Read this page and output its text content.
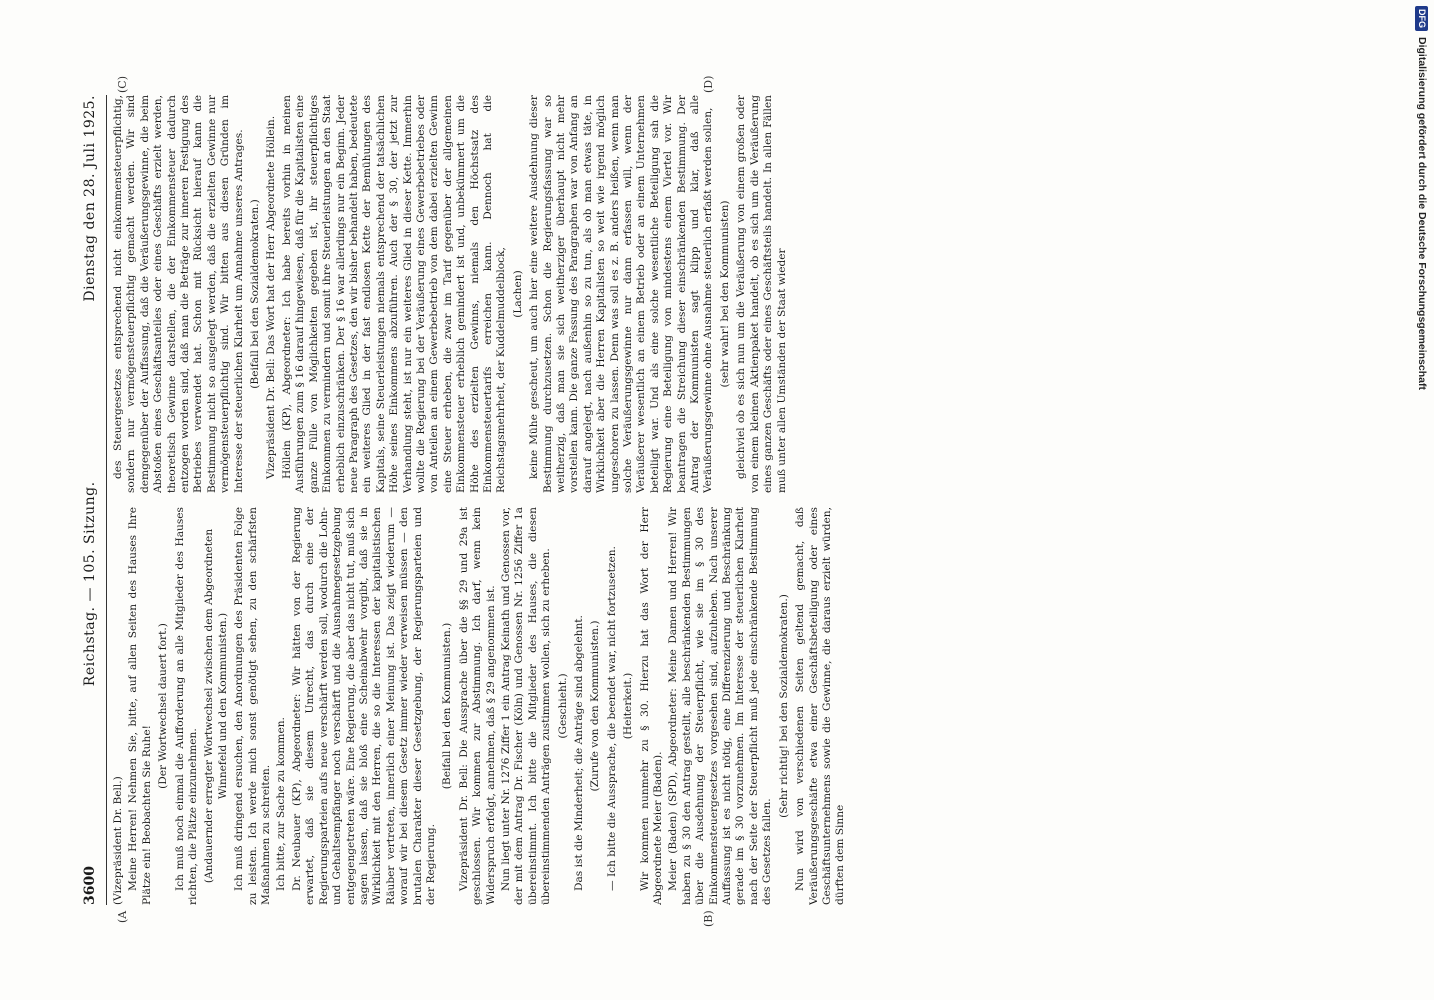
3600
Reichstag. — 105. Sitzung.
Dienstag den 28. Juli 1925.

(Vizepräsident Dr. Bell.) Meine Herren! Nehmen Sie, bitte, auf allen Seiten des Hauses Ihre Plätze ein! Beobachten Sie Ruhe!

(Der Wortwechsel dauert fort.) Ich muß noch einmal die Aufforderung an alle Mitglieder des Hauses richten, die Plätze einzunehmen. (Andauernder erregter Wortwechsel zwischen dem Abgeordneten Winnefeld und den Kommunisten.) Ich muß dringend ersuchen, den Anordnungen des Präsidenten Folge zu leisten. Ich werde mich sonst genötigt sehen, zu den schärfsten Maßnahmen zu schreiten. Ich bitte, zur Sache zu kommen. Dr. Neubauer (KP), Abgeordneter: Wir hätten von der Regierung erwartet, daß sie diesem Unrecht, das durch eine der Regierungsparteien aufs neue verschärft werden soll, wodurch die Lohn- und Gehaltsempfänger noch verschärft und die Ausnahmegesetzgebung entgegengetreten wäre. Eine Regierung, die aber das nicht tut, muß sich sagen lassen, daß sie bloß eine Scheinabwehr vorgibt, daß sie in Wirklichkeit mit den Herren, die so die Interessen der kapitalistischen Räuber vertreten, innerlich einer Meinung ist. Das zeigt wiederum — worauf wir bei diesem Gesetz immer wieder verweisen müssen — den brutalen Charakter dieser Gesetzgebung, der Regierungsparteien und der Regierung.

(Beifall bei den Kommunisten.) Vizepräsident Dr. Bell: Die Aussprache über die §§ 29 und 29a ist geschlossen. Wir kommen zur Abstimmung. Ich darf, wenn kein Widerspruch erfolgt, annehmen, daß § 29 angenommen ist. Nun liegt unter Nr. 1276 Ziffer 1 ein Antrag Keinath und Genossen vor, der mit dem Antrag Dr. Fischer (Köln) und Genossen Nr. 1256 Ziffer 1a übereinstimmt. Ich bitte die Mitglieder des Hauses, die diesen übereinstimmenden Anträgen zustimmen wollen, sich zu erheben. (Geschieht.) Das ist die Minderheit; die Anträge sind abgelehnt. (Zurufe von den Kommunisten.) — Ich bitte die Aussprache, die beendet war, nicht fortzusetzen. (Heiterkeit.) Wir kommen nunmehr zu § 30. Hierzu hat das Wort der Herr Abgeordnete Meier (Baden). Meier (Baden) (SPD), Abgeordneter: Meine Damen und Herren! Wir haben zu § 30 den Antrag gestellt, alle beschränkenden Bestimmungen über die Ausdehnung der Steuerpflicht, wie sie im § 30 des Einkommensteuergesetzes vorgesehen sind, aufzuheben. Nach unserer Auffassung ist es nicht nötig, eine Differenzierung und Beschränkung gerade im § 30 vorzunehmen. Im Interesse der steuerlichen Klarheit nach der Seite der Steuerpflicht muß jede einschränkende Bestimmung des Gesetzes fallen.

(Sehr richtig! bei den Sozialdemokraten.) Nun wird von verschiedenen Seiten geltend gemacht, daß Veräußerungsgeschäfte etwa einer Geschäftsbeteiligung oder eines Geschäftsunternehmens sowie die Gewinne, die daraus erzielt würden, dürften dem Sinne

des Steuergesetzes entsprechend nicht einkommensteuerpflichtig, sondern nur vermögensteuerpflichtig gemacht werden. Wir sind demgegenüber der Auffassung, daß die Veräußerungsgewinne, die beim Abstoßen eines Geschäftsanteiles oder eines Geschäfts erzielt werden, theoretisch Gewinne darstellen, die der Einkommensteuer dadurch entzogen worden sind, daß man die Beträge zur inneren Festigung des Betriebes verwendet hat. Schon mit Rücksicht hierauf kann die Bestimmung nicht so ausgelegt werden, daß die erzielten Gewinne nur vermögensteuerpflichtig sind. Wir bitten aus diesen Gründen im Interesse der steuerlichen Klarheit um Annahme unseres Antrages. (Beifall bei den Sozialdemokraten.) Vizepräsident Dr. Bell: Das Wort hat der Herr Abgeordnete Höllein. Höllein (KP), Abgeordneter: Ich habe bereits vorhin in meinen Ausführungen zum § 16 darauf hingewiesen, daß für die Kapitalisten eine ganze Fülle von Möglichkeiten gegeben ist, ihr steuerpflichtiges Einkommen zu vermindern und somit ihre Steuerleistungen an den Staat erheblich einzuschränken. Der § 16 war allerdings nur ein Beginn. Jeder neue Paragraph des Gesetzes, den wir bisher behandelt haben, bedeutete ein weiteres Glied in der fast endlosen Kette der Bemühungen des Kapitals, seine Steuerleistungen niemals entsprechend der tatsächlichen Höhe seines Einkommens abzuführen. Auch der § 30, der jetzt zur Verhandlung steht, ist nur ein weiteres Glied in dieser Kette. Immerhin wollte die Regierung bei der Veräußerung eines Gewerbebetriebes oder von Anteilen an einem Gewerbebetrieb von dem dabei erzielten Gewinn eine Steuer erheben, die zwar im Tarif gegenüber der allgemeinen Einkommensteuer erheblich gemindert ist und, unbekümmert um die Höhe des erzielten Gewinns, niemals den Höchstsatz des Einkommensteuertarifs erreichen kann. Dennoch hat die Reichstagsmehrheit, der Kuddelmuddelblock, (Lachen) keine Mühe gescheut, um auch hier eine weitere Ausdehnung dieser Bestimmung durchzusetzen. Schon die Regierungsfassung war so weitherzig, daß man sie sich weitherziger überhaupt nicht mehr vorstellen kann. Die ganze Fassung des Paragraphen war von Anfang an darauf angelegt, nach außenhin so zu tun, als ob man etwas täte, in Wirklichkeit aber die Herren Kapitalisten so weit wie irgend möglich ungeschoren zu lassen. Denn was soll es z. B. anders heißen, wenn man solche Veräußerungsgewinne nur dann erfassen will, wenn der Veräußerer wesentlich an einem Betrieb oder an einem Unternehmen beteiligt war. Und als eine solche wesentliche Beteiligung sah die Regierung eine Beteiligung von mindestens einem Viertel vor. Wir beantragen die Streichung dieser einschränkenden Bestimmung. Der Antrag der Kommunisten sagt klipp und klar, daß alle Veräußerungsgewinne ohne Ausnahme steuerlich erfaßt werden sollen, (sehr wahr! bei den Kommunisten) gleichviel ob es sich nun um die Veräußerung von einem großen oder von einem kleinen Aktienpaket handelt, ob es sich um die Veräußerung eines ganzen Geschäfts oder eines Geschäftsteils handelt. In allen Fällen muß unter allen Umständen der Staat wieder

(A	(B)
(C)	(D)
DFGDigitalisierung gefördert durch die Deutsche Forschungsgemeinschaft
